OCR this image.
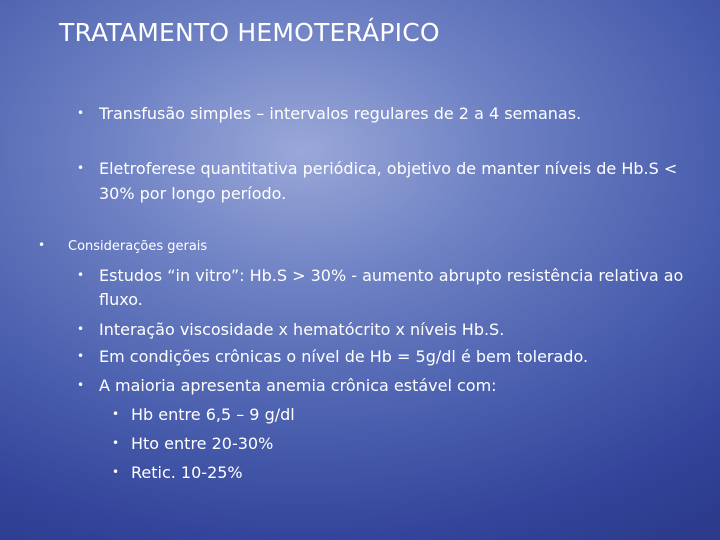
TRATAMENTO HEMOTERÁPICO
• Transfusão simples – intervalos regulares de 2 a 4 semanas.
• Eletroferese quantitativa periódica, objetivo de manter níveis de Hb.S <
30% por longo período.
• Considerações gerais
• Estudos “in vitro”: Hb.S > 30% - aumento abrupto resistência relativa ao
fluxo.
• Interação viscosidade x hematócrito x níveis Hb.S.
• Em condições crônicas o nível de Hb = 5g/dl é bem tolerado.
• A maioria apresenta anemia crônica estável com:
• Hb entre 6,5 – 9 g/dl
• Hto entre 20-30%
• Retic. 10-25%
